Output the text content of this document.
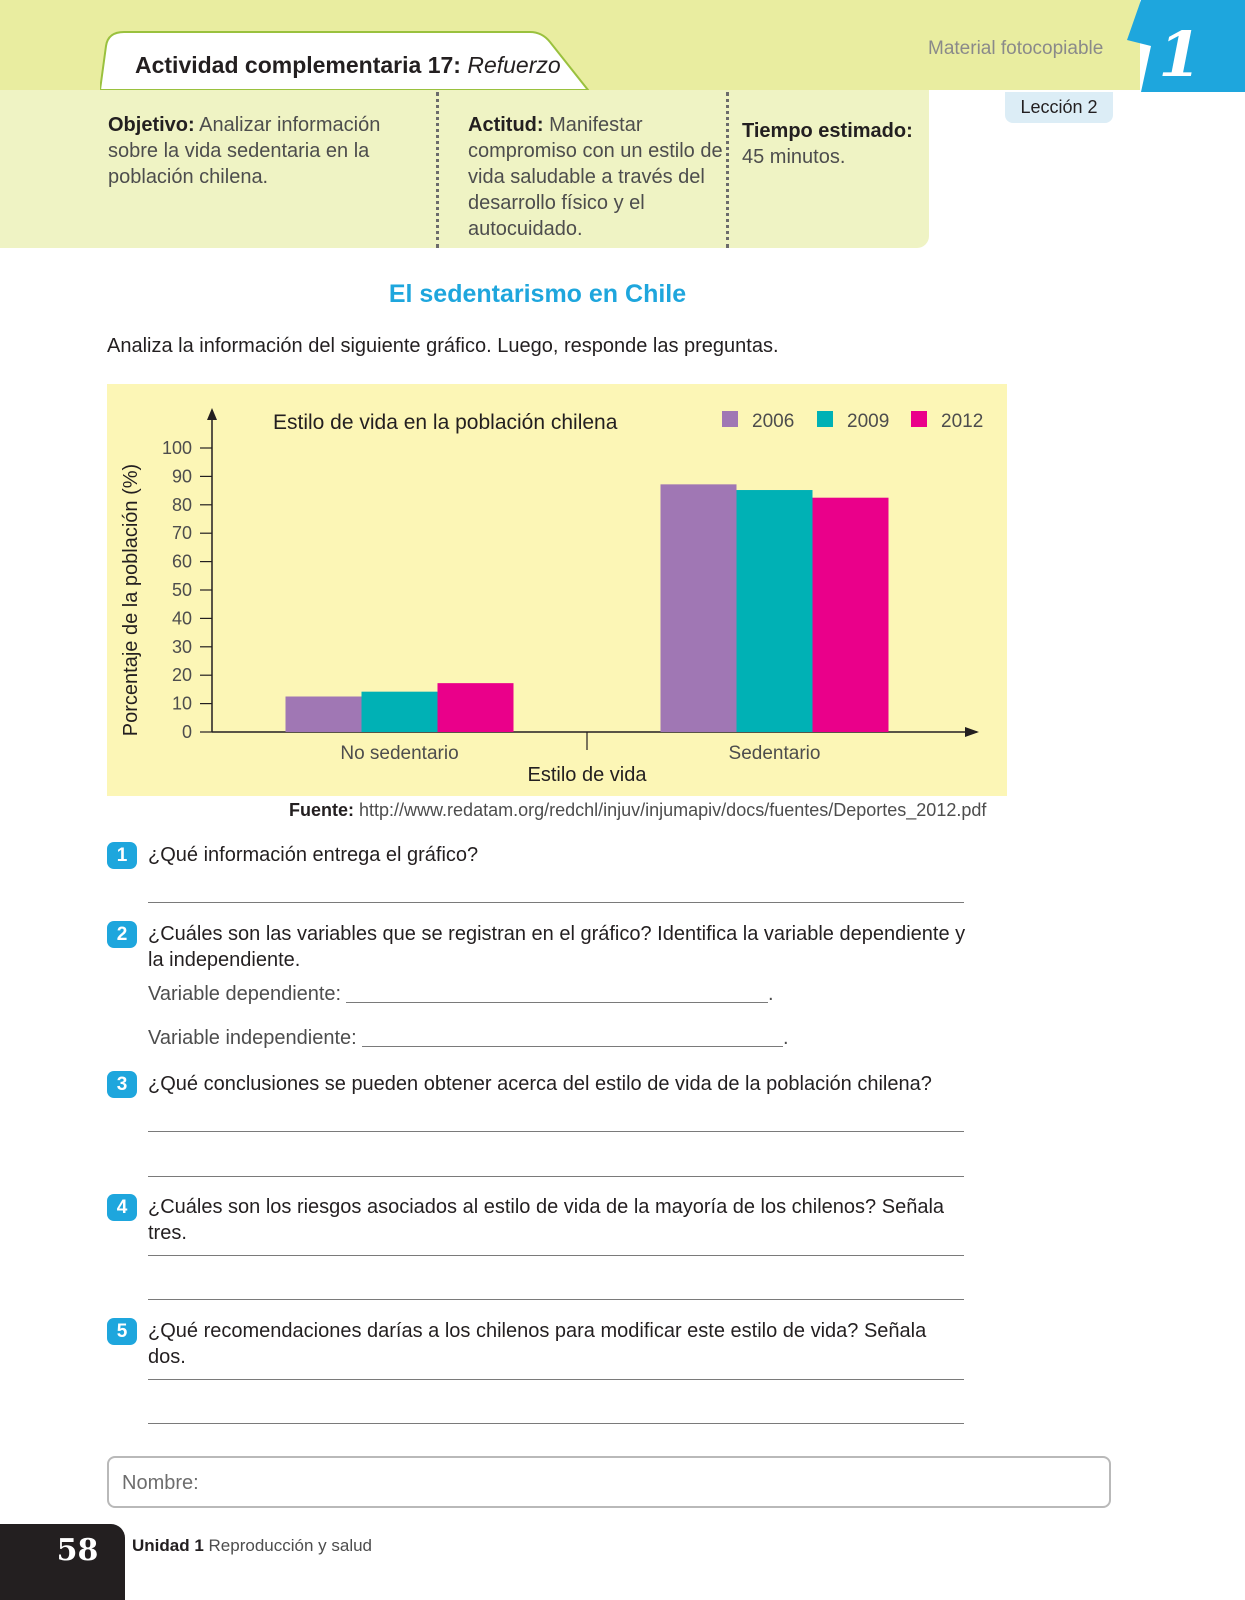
Actividad complementaria 17: Refuerzo
Material fotocopiable 1
Lección 2
Objetivo: Analizar información sobre la vida sedentaria en la población chilena.
Actitud: Manifestar compromiso con un estilo de vida saludable a través del desarrollo físico y el autocuidado.
Tiempo estimado:
45 minutos.
El sedentarismo en Chile
Analiza la información del siguiente gráfico. Luego, responde las preguntas.
0
10
20
30
40
50
60
70
80
90
100
No sedentario	Sedentario
Estilo de vida
Porcentaje de la población (%)
Estilo de vida en la población chilena	2006	2009	2012
Fuente: http://www.redatam.org/redchl/injuv/injumapiv/docs/fuentes/Deportes_2012.pdf
1	¿Qué información entrega el gráfico?
2	¿Cuáles son las variables que se registran en el gráfico? Identifica la variable dependiente y la independiente.
Variable dependiente:	.
Variable independiente:	.
3	¿Qué conclusiones se pueden obtener acerca del estilo de vida de la población chilena?
4	¿Cuáles son los riesgos asociados al estilo de vida de la mayoría de los chilenos? Señala tres.
5	¿Qué recomendaciones darías a los chilenos para modificar este estilo de vida? Señala dos.
Nombre:
58	Unidad 1 Reproducción y salud
